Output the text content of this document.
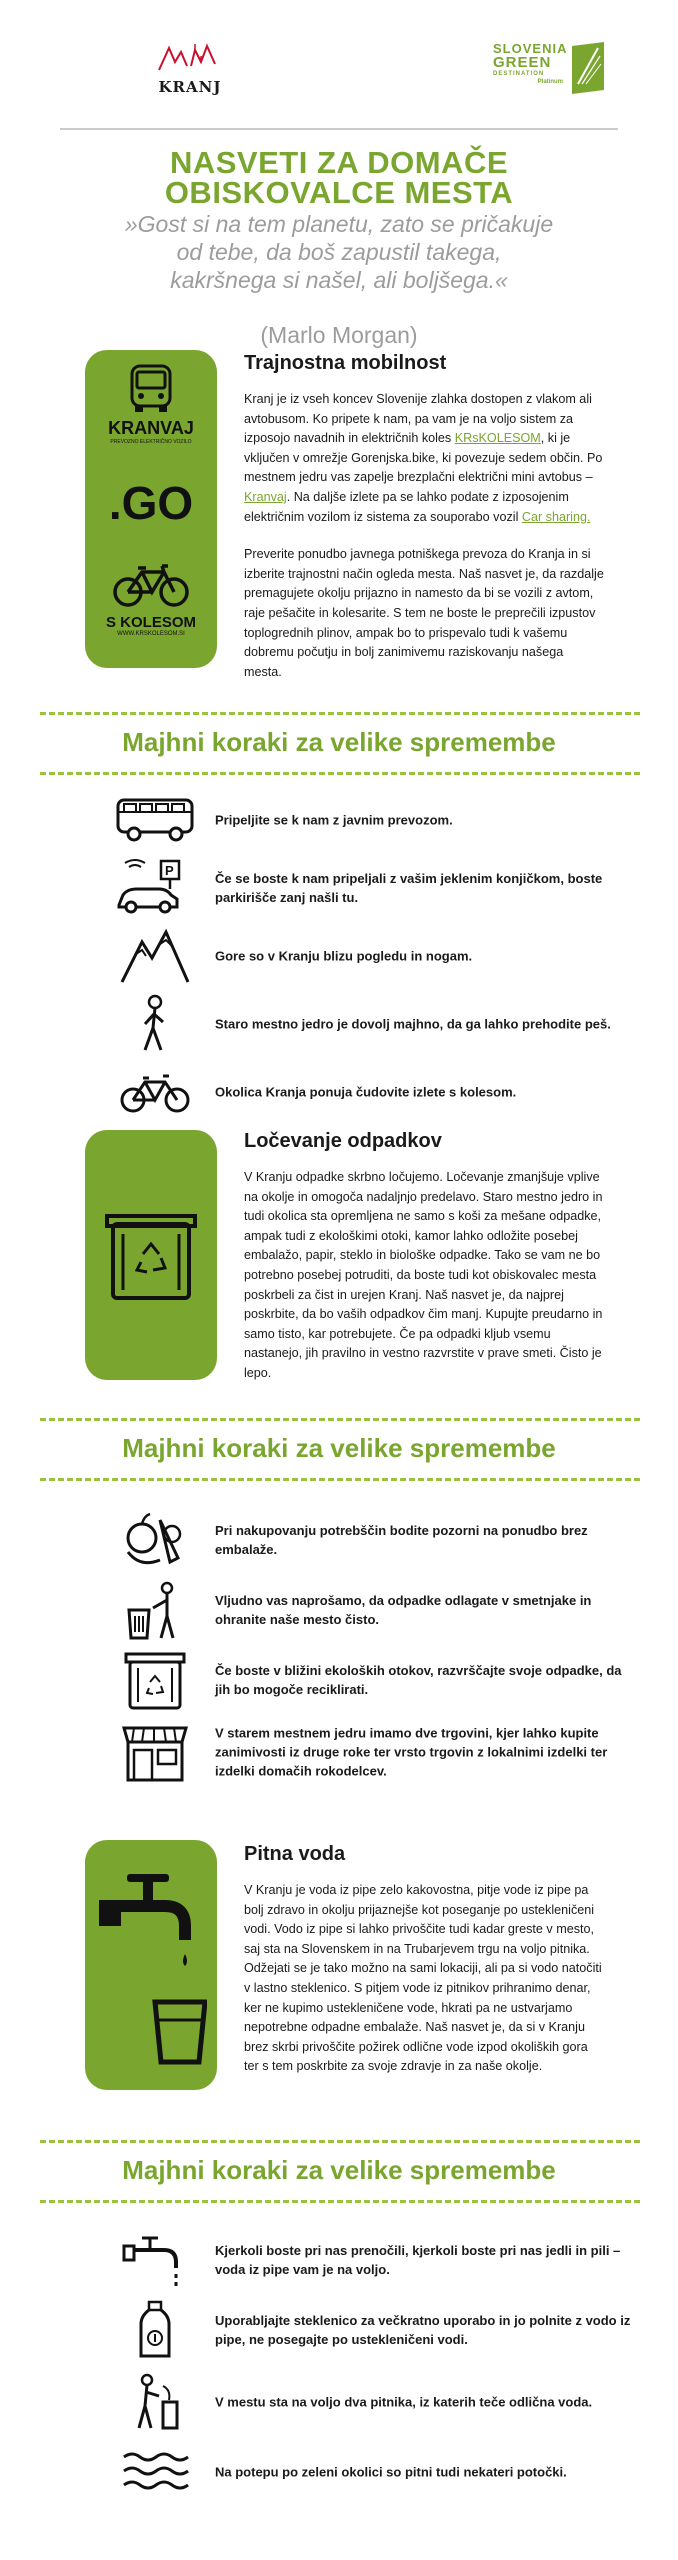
KRANJ
SLOVENIA
GREEN
DESTINATION
Platinum
NASVETI ZA DOMAČE
OBISKOVALCE MESTA
»Gost si na tem planetu, zato se pričakuje
od tebe, da boš zapustil takega,
kakršnega si našel, ali boljšega.«
(Marlo Morgan)
KRANVAJ
PREVOZNO ELEKTRIČNO VOZILO
.GO
S KOLESOM
WWW.KRSKOLESOM.SI
Trajnostna mobilnost

Kranj je iz vseh koncev Slovenije zlahka dostopen z vlakom ali avtobusom. Ko pripete k nam, pa vam je na voljo sistem za izposojo navadnih in električnih koles KRsKOLESOM, ki je vključen v omrežje Gorenjska.bike, ki povezuje sedem občin. Po mestnem jedru vas zapelje brezplačni električni mini avtobus – Kranvaj. Na daljše izlete pa se lahko podate z izposojenim električnim vozilom iz sistema za souporabo vozil Car sharing.

Preverite ponudbo javnega potniškega prevoza do Kranja in si izberite trajnostni način ogleda mesta. Naš nasvet je, da razdalje premagujete okolju prijazno in namesto da bi se vozili z avtom, raje pešačite in kolesarite. S tem ne boste le preprečili izpustov toplogrednih plinov, ampak bo to prispevalo tudi k vašemu dobremu počutju in bolj zanimivemu raziskovanju našega mesta.

Majhni koraki za velike spremembe
Pripeljite se k nam z javnim prevozom.
P
Če se boste k nam pripeljali z vašim jeklenim konjičkom, boste parkirišče zanj našli tu.
Gore so v Kranju blizu pogledu in nogam.
Staro mestno jedro je dovolj majhno, da ga lahko prehodite peš.
Okolica Kranja ponuja čudovite izlete s kolesom.
Ločevanje odpadkov
V Kranju odpadke skrbno ločujemo. Ločevanje zmanjšuje vplive na okolje in omogoča nadaljnjo predelavo. Staro mestno jedro in tudi okolica sta opremljena ne samo s koši za mešane odpadke, ampak tudi z ekološkimi otoki, kamor lahko odložite posebej embalažo, papir, steklo in biološke odpadke. Tako se vam ne bo potrebno posebej potruditi, da boste tudi kot obiskovalec mesta poskrbeli za čist in urejen Kranj. Naš nasvet je, da najprej poskrbite, da bo vaših odpadkov čim manj. Kupujte preudarno in samo tisto, kar potrebujete. Če pa odpadki kljub vsemu nastanejo, jih pravilno in vestno razvrstite v prave smeti. Čisto je lepo.
Majhni koraki za velike spremembe
Pri nakupovanju potrebščin bodite pozorni na ponudbo brez embalaže.
Vljudno vas naprošamo, da odpadke odlagate v smetnjake in ohranite naše mesto čisto.
Če boste v bližini ekoloških otokov, razvrščajte svoje odpadke, da jih bo mogoče reciklirati.
V starem mestnem jedru imamo dve trgovini, kjer lahko kupite zanimivosti iz druge roke ter vrsto trgovin z lokalnimi izdelki ter izdelki domačih rokodelcev.
Pitna voda
V Kranju je voda iz pipe zelo kakovostna, pitje vode iz pipe pa bolj zdravo in okolju prijaznejše kot poseganje po ustekleničeni vodi. Vodo iz pipe si lahko privoščite tudi kadar greste v mesto, saj sta na Slovenskem in na Trubarjevem trgu na voljo pitnika. Odžejati se je tako možno na sami lokaciji, ali pa si vodo natočiti v lastno steklenico. S pitjem vode iz pitnikov prihranimo denar, ker ne kupimo ustekleničene vode, hkrati pa ne ustvarjamo nepotrebne odpadne embalaže. Naš nasvet je, da si v Kranju brez skrbi privoščite požirek odlične vode izpod okoliških gora ter s tem poskrbite za svoje zdravje in za naše okolje.
Majhni koraki za velike spremembe
Kjerkoli boste pri nas prenočili, kjerkoli boste pri nas jedli in pili – voda iz pipe vam je na voljo.
Uporabljajte steklenico za večkratno uporabo in jo polnite z vodo iz pipe, ne posegajte po ustekleničeni vodi.
V mestu sta na voljo dva pitnika, iz katerih teče odlična voda.
Na potepu po zeleni okolici so pitni tudi nekateri potočki.
